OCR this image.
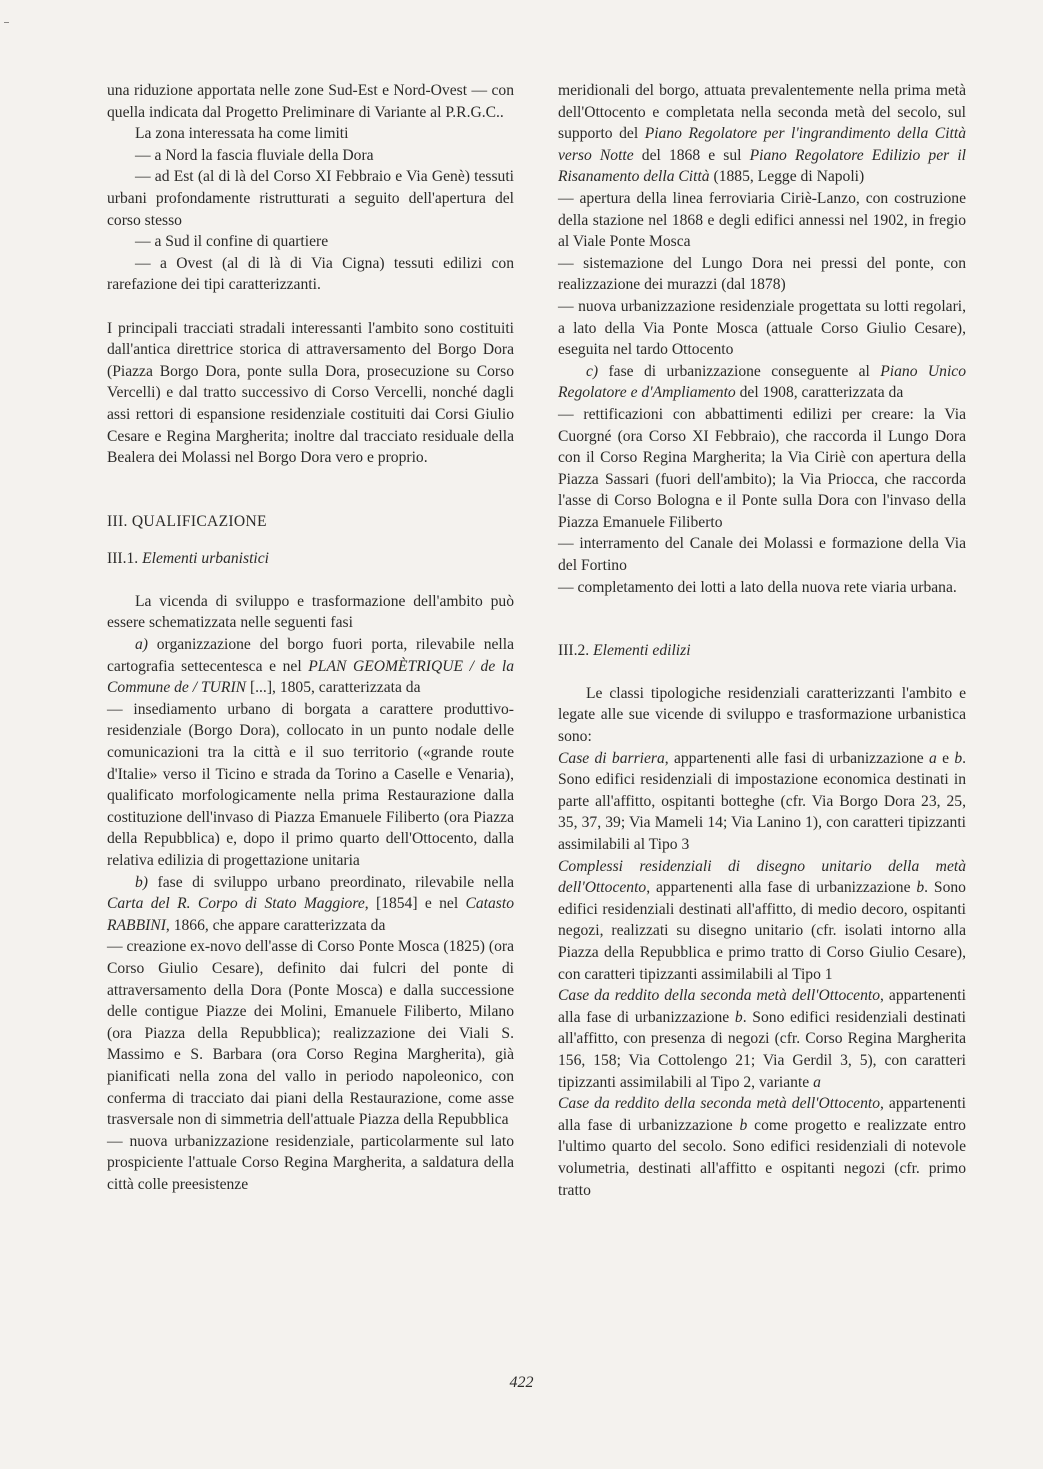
una riduzione apportata nelle zone Sud-Est e Nord-Ovest — con quella indicata dal Progetto Preliminare di Variante al P.R.G.C..

La zona interessata ha come limiti

— a Nord la fascia fluviale della Dora

— ad Est (al di là del Corso XI Febbraio e Via Genè) tessuti urbani profondamente ristrutturati a seguito dell'apertura del corso stesso

— a Sud il confine di quartiere

— a Ovest (al di là di Via Cigna) tessuti edilizi con rarefazione dei tipi caratterizzanti.

I principali tracciati stradali interessanti l'ambito sono costituiti dall'antica direttrice storica di attraversamento del Borgo Dora (Piazza Borgo Dora, ponte sulla Dora, prosecuzione su Corso Vercelli) e dal tratto successivo di Corso Vercelli, nonché dagli assi rettori di espansione residenziale costituiti dai Corsi Giulio Cesare e Regina Margherita; inoltre dal tracciato residuale della Bealera dei Molassi nel Borgo Dora vero e proprio.

III. QUALIFICAZIONE

III.1. Elementi urbanistici

La vicenda di sviluppo e trasformazione dell'ambito può essere schematizzata nelle seguenti fasi

a) organizzazione del borgo fuori porta, rilevabile nella cartografia settecentesca e nel PLAN GEOMÈTRIQUE / de la Commune de / TURIN [...], 1805, caratterizzata da

— insediamento urbano di borgata a carattere produttivo-residenziale (Borgo Dora), collocato in un punto nodale delle comunicazioni tra la città e il suo territorio («grande route d'Italie» verso il Ticino e strada da Torino a Caselle e Venaria), qualificato morfologicamente nella prima Restaurazione dalla costituzione dell'invaso di Piazza Emanuele Filiberto (ora Piazza della Repubblica) e, dopo il primo quarto dell'Ottocento, dalla relativa edilizia di progettazione unitaria

b) fase di sviluppo urbano preordinato, rilevabile nella Carta del R. Corpo di Stato Maggiore, [1854] e nel Catasto RABBINI, 1866, che appare caratterizzata da

— creazione ex-novo dell'asse di Corso Ponte Mosca (1825) (ora Corso Giulio Cesare), definito dai fulcri del ponte di attraversamento della Dora (Ponte Mosca) e dalla successione delle contigue Piazze dei Molini, Emanuele Filiberto, Milano (ora Piazza della Repubblica); realizzazione dei Viali S. Massimo e S. Barbara (ora Corso Regina Margherita), già pianificati nella zona del vallo in periodo napoleonico, con conferma di tracciato dai piani della Restaurazione, come asse trasversale non di simmetria dell'attuale Piazza della Repubblica

— nuova urbanizzazione residenziale, particolarmente sul lato prospiciente l'attuale Corso Regina Margherita, a saldatura della città colle preesistenze

meridionali del borgo, attuata prevalentemente nella prima metà dell'Ottocento e completata nella seconda metà del secolo, sul supporto del Piano Regolatore per l'ingrandimento della Città verso Notte del 1868 e sul Piano Regolatore Edilizio per il Risanamento della Città (1885, Legge di Napoli)

— apertura della linea ferroviaria Ciriè-Lanzo, con costruzione della stazione nel 1868 e degli edifici annessi nel 1902, in fregio al Viale Ponte Mosca

— sistemazione del Lungo Dora nei pressi del ponte, con realizzazione dei murazzi (dal 1878)

— nuova urbanizzazione residenziale progettata su lotti regolari, a lato della Via Ponte Mosca (attuale Corso Giulio Cesare), eseguita nel tardo Ottocento

c) fase di urbanizzazione conseguente al Piano Unico Regolatore e d'Ampliamento del 1908, caratterizzata da

— rettificazioni con abbattimenti edilizi per creare: la Via Cuorgné (ora Corso XI Febbraio), che raccorda il Lungo Dora con il Corso Regina Margherita; la Via Ciriè con apertura della Piazza Sassari (fuori dell'ambito); la Via Priocca, che raccorda l'asse di Corso Bologna e il Ponte sulla Dora con l'invaso della Piazza Emanuele Filiberto

— interramento del Canale dei Molassi e formazione della Via del Fortino

— completamento dei lotti a lato della nuova rete viaria urbana.

III.2. Elementi edilizi

Le classi tipologiche residenziali caratterizzanti l'ambito e legate alle sue vicende di sviluppo e trasformazione urbanistica sono:

Case di barriera, appartenenti alle fasi di urbanizzazione a e b. Sono edifici residenziali di impostazione economica destinati in parte all'affitto, ospitanti botteghe (cfr. Via Borgo Dora 23, 25, 35, 37, 39; Via Mameli 14; Via Lanino 1), con caratteri tipizzanti assimilabili al Tipo 3

Complessi residenziali di disegno unitario della metà dell'Ottocento, appartenenti alla fase di urbanizzazione b. Sono edifici residenziali destinati all'affitto, di medio decoro, ospitanti negozi, realizzati su disegno unitario (cfr. isolati intorno alla Piazza della Repubblica e primo tratto di Corso Giulio Cesare), con caratteri tipizzanti assimilabili al Tipo 1

Case da reddito della seconda metà dell'Ottocento, appartenenti alla fase di urbanizzazione b. Sono edifici residenziali destinati all'affitto, con presenza di negozi (cfr. Corso Regina Margherita 156, 158; Via Cottolengo 21; Via Gerdil 3, 5), con caratteri tipizzanti assimilabili al Tipo 2, variante a

Case da reddito della seconda metà dell'Ottocento, appartenenti alla fase di urbanizzazione b come progetto e realizzate entro l'ultimo quarto del secolo. Sono edifici residenziali di notevole volumetria, destinati all'affitto e ospitanti negozi (cfr. primo tratto

422
